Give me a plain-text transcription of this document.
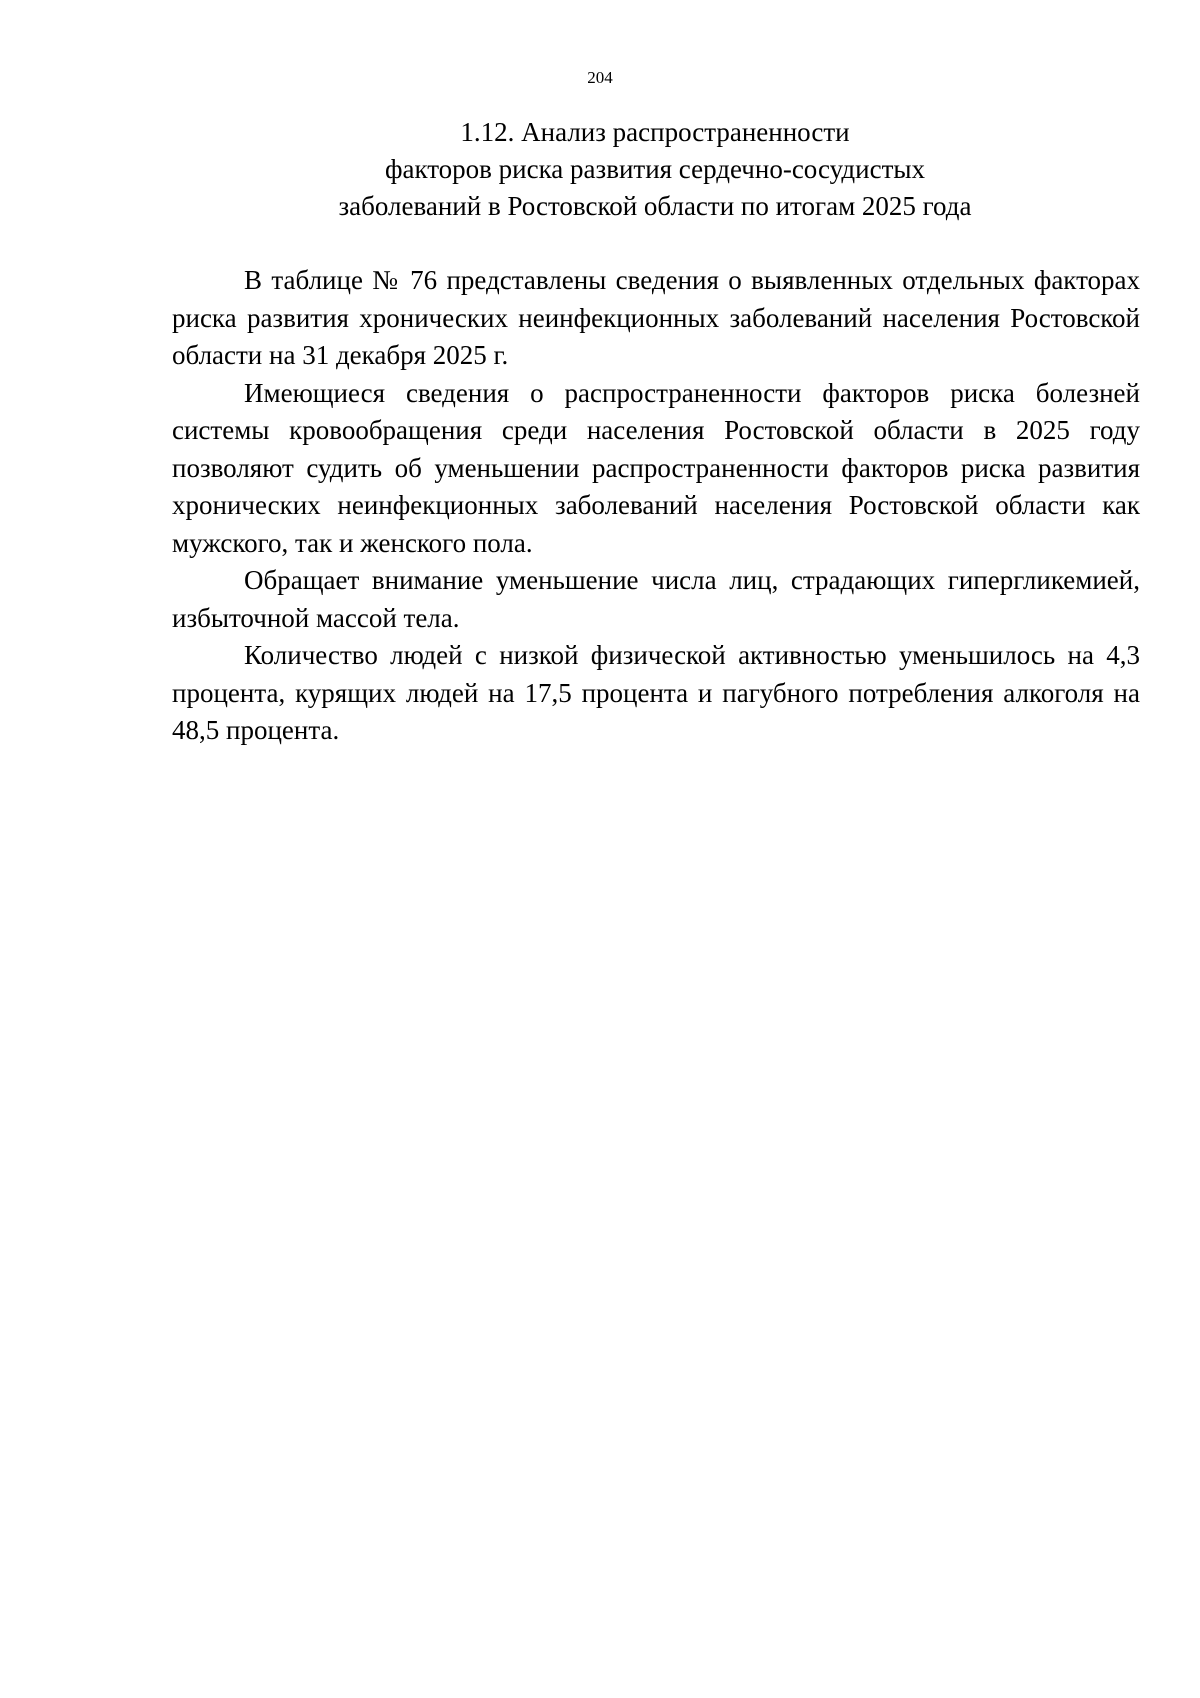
204
1.12. Анализ распространенности
факторов риска развития сердечно-сосудистых
заболеваний в Ростовской области по итогам 2025 года

В таблице № 76 представлены сведения о выявленных отдельных факторах риска развития хронических неинфекционных заболеваний населения Ростовской области на 31 декабря 2025 г.

Имеющиеся сведения о распространенности факторов риска болезней системы кровообращения среди населения Ростовской области в 2025 году позволяют судить об уменьшении распространенности факторов риска развития хронических неинфекционных заболеваний населения Ростовской области как мужского, так и женского пола.

Обращает внимание уменьшение числа лиц, страдающих гипергликемией, избыточной массой тела.

Количество людей с низкой физической активностью уменьшилось на 4,3 процента, курящих людей на 17,5 процента и пагубного потребления алкоголя на 48,5 процента.
